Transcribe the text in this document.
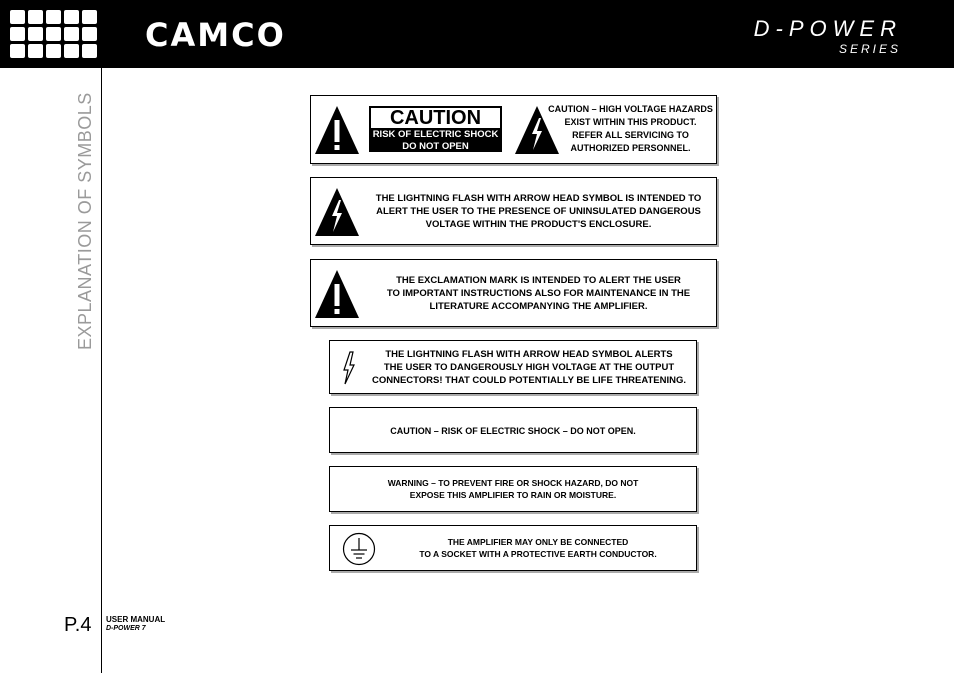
CAMCO	D-POWER
SERIES
EXPLANATION OF SYMBOLS	CAUTION
RISK OF ELECTRIC SHOCK
DO NOT OPEN
CAUTION – HIGH VOLTAGE HAZARDS
EXIST WITHIN THIS PRODUCT.
REFER ALL SERVICING TO
AUTHORIZED PERSONNEL.
THE LIGHTNING FLASH WITH ARROW HEAD SYMBOL IS INTENDED TO
ALERT THE USER TO THE PRESENCE OF UNINSULATED DANGEROUS
VOLTAGE WITHIN THE PRODUCT'S ENCLOSURE.
THE EXCLAMATION MARK IS INTENDED TO ALERT THE USER
TO IMPORTANT INSTRUCTIONS ALSO FOR MAINTENANCE IN THE
LITERATURE ACCOMPANYING THE AMPLIFIER.
THE LIGHTNING FLASH WITH ARROW HEAD SYMBOL ALERTS
THE USER TO DANGEROUSLY HIGH VOLTAGE AT THE OUTPUT
CONNECTORS! THAT COULD POTENTIALLY BE LIFE THREATENING.
CAUTION – RISK OF ELECTRIC SHOCK – DO NOT OPEN.
WARNING – TO PREVENT FIRE OR SHOCK HAZARD, DO NOT
EXPOSE THIS AMPLIFIER TO RAIN OR MOISTURE.
THE AMPLIFIER MAY ONLY BE CONNECTED
TO A SOCKET WITH A PROTECTIVE EARTH CONDUCTOR.
P.4 USER MANUAL
D-POWER 7
